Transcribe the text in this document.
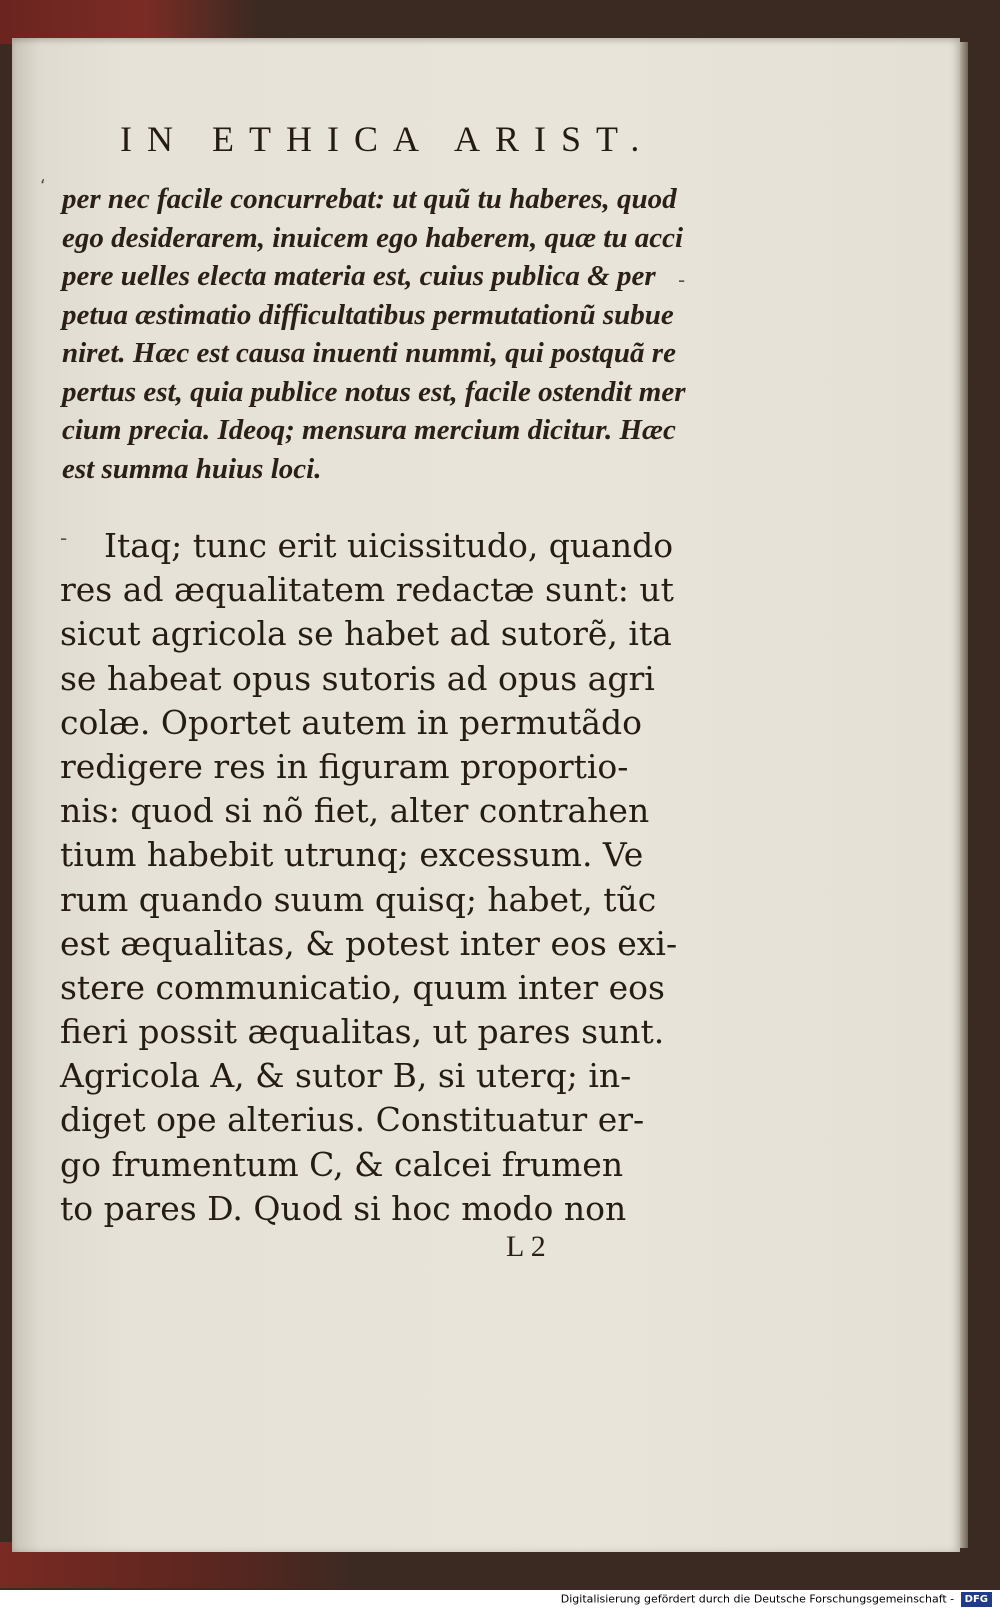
IN ETHICA ARIST.
‘
-
-
per nec facile concurrebat: ut quũ tu haberes, quod
ego desiderarem, inuicem ego haberem, quæ tu acci
pere uelles electa materia est, cuius publica & per
petua æstimatio difficultatibus permutationũ subue
niret. Hæc est causa inuenti nummi, qui postquã re
pertus est, quia publice notus est, facile ostendit mer
cium precia. Ideoq; mensura mercium dicitur. Hæc
est summa huius loci.
Itaq; tunc erit uicissitudo, quando
res ad æqualitatem redactæ sunt: ut
sicut agricola se habet ad sutorẽ, ita
se habeat opus sutoris ad opus agri
colæ. Oportet autem in permutãdo
redigere res in figuram proportio-
nis: quod si nõ fiet, alter contrahen
tium habebit utrunq; excessum. Ve
rum quando suum quisq; habet, tũc
est æqualitas, & potest inter eos exi-
stere communicatio, quum inter eos
fieri possit æqualitas, ut pares sunt.
Agricola A, & sutor B, si uterq; in-
diget ope alterius. Constituatur er-
go frumentum C, & calcei frumen
to pares D. Quod si hoc modo non
L 2
Digitalisierung gefördert durch die Deutsche Forschungsgemeinschaft - DFG
